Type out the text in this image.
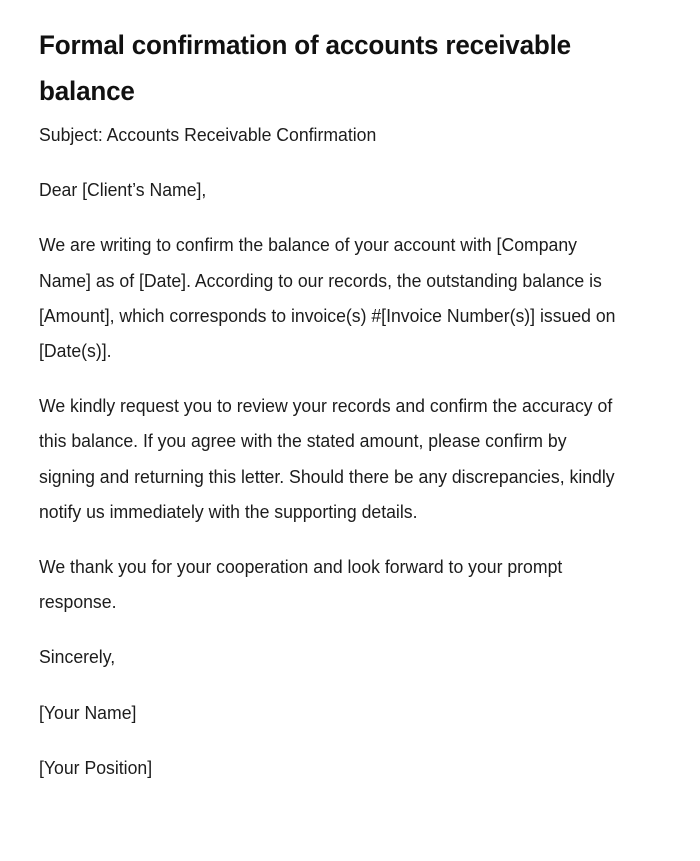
Formal confirmation of accounts receivable balance

Subject: Accounts Receivable Confirmation

Dear [Client’s Name],

We are writing to confirm the balance of your account with [Company Name] as of [Date]. According to our records, the outstanding balance is [Amount], which corresponds to invoice(s) #[Invoice Number(s)] issued on [Date(s)].

We kindly request you to review your records and confirm the accuracy of this balance. If you agree with the stated amount, please confirm by signing and returning this letter. Should there be any discrepancies, kindly notify us immediately with the supporting details.

We thank you for your cooperation and look forward to your prompt response.

Sincerely,

[Your Name]

[Your Position]
